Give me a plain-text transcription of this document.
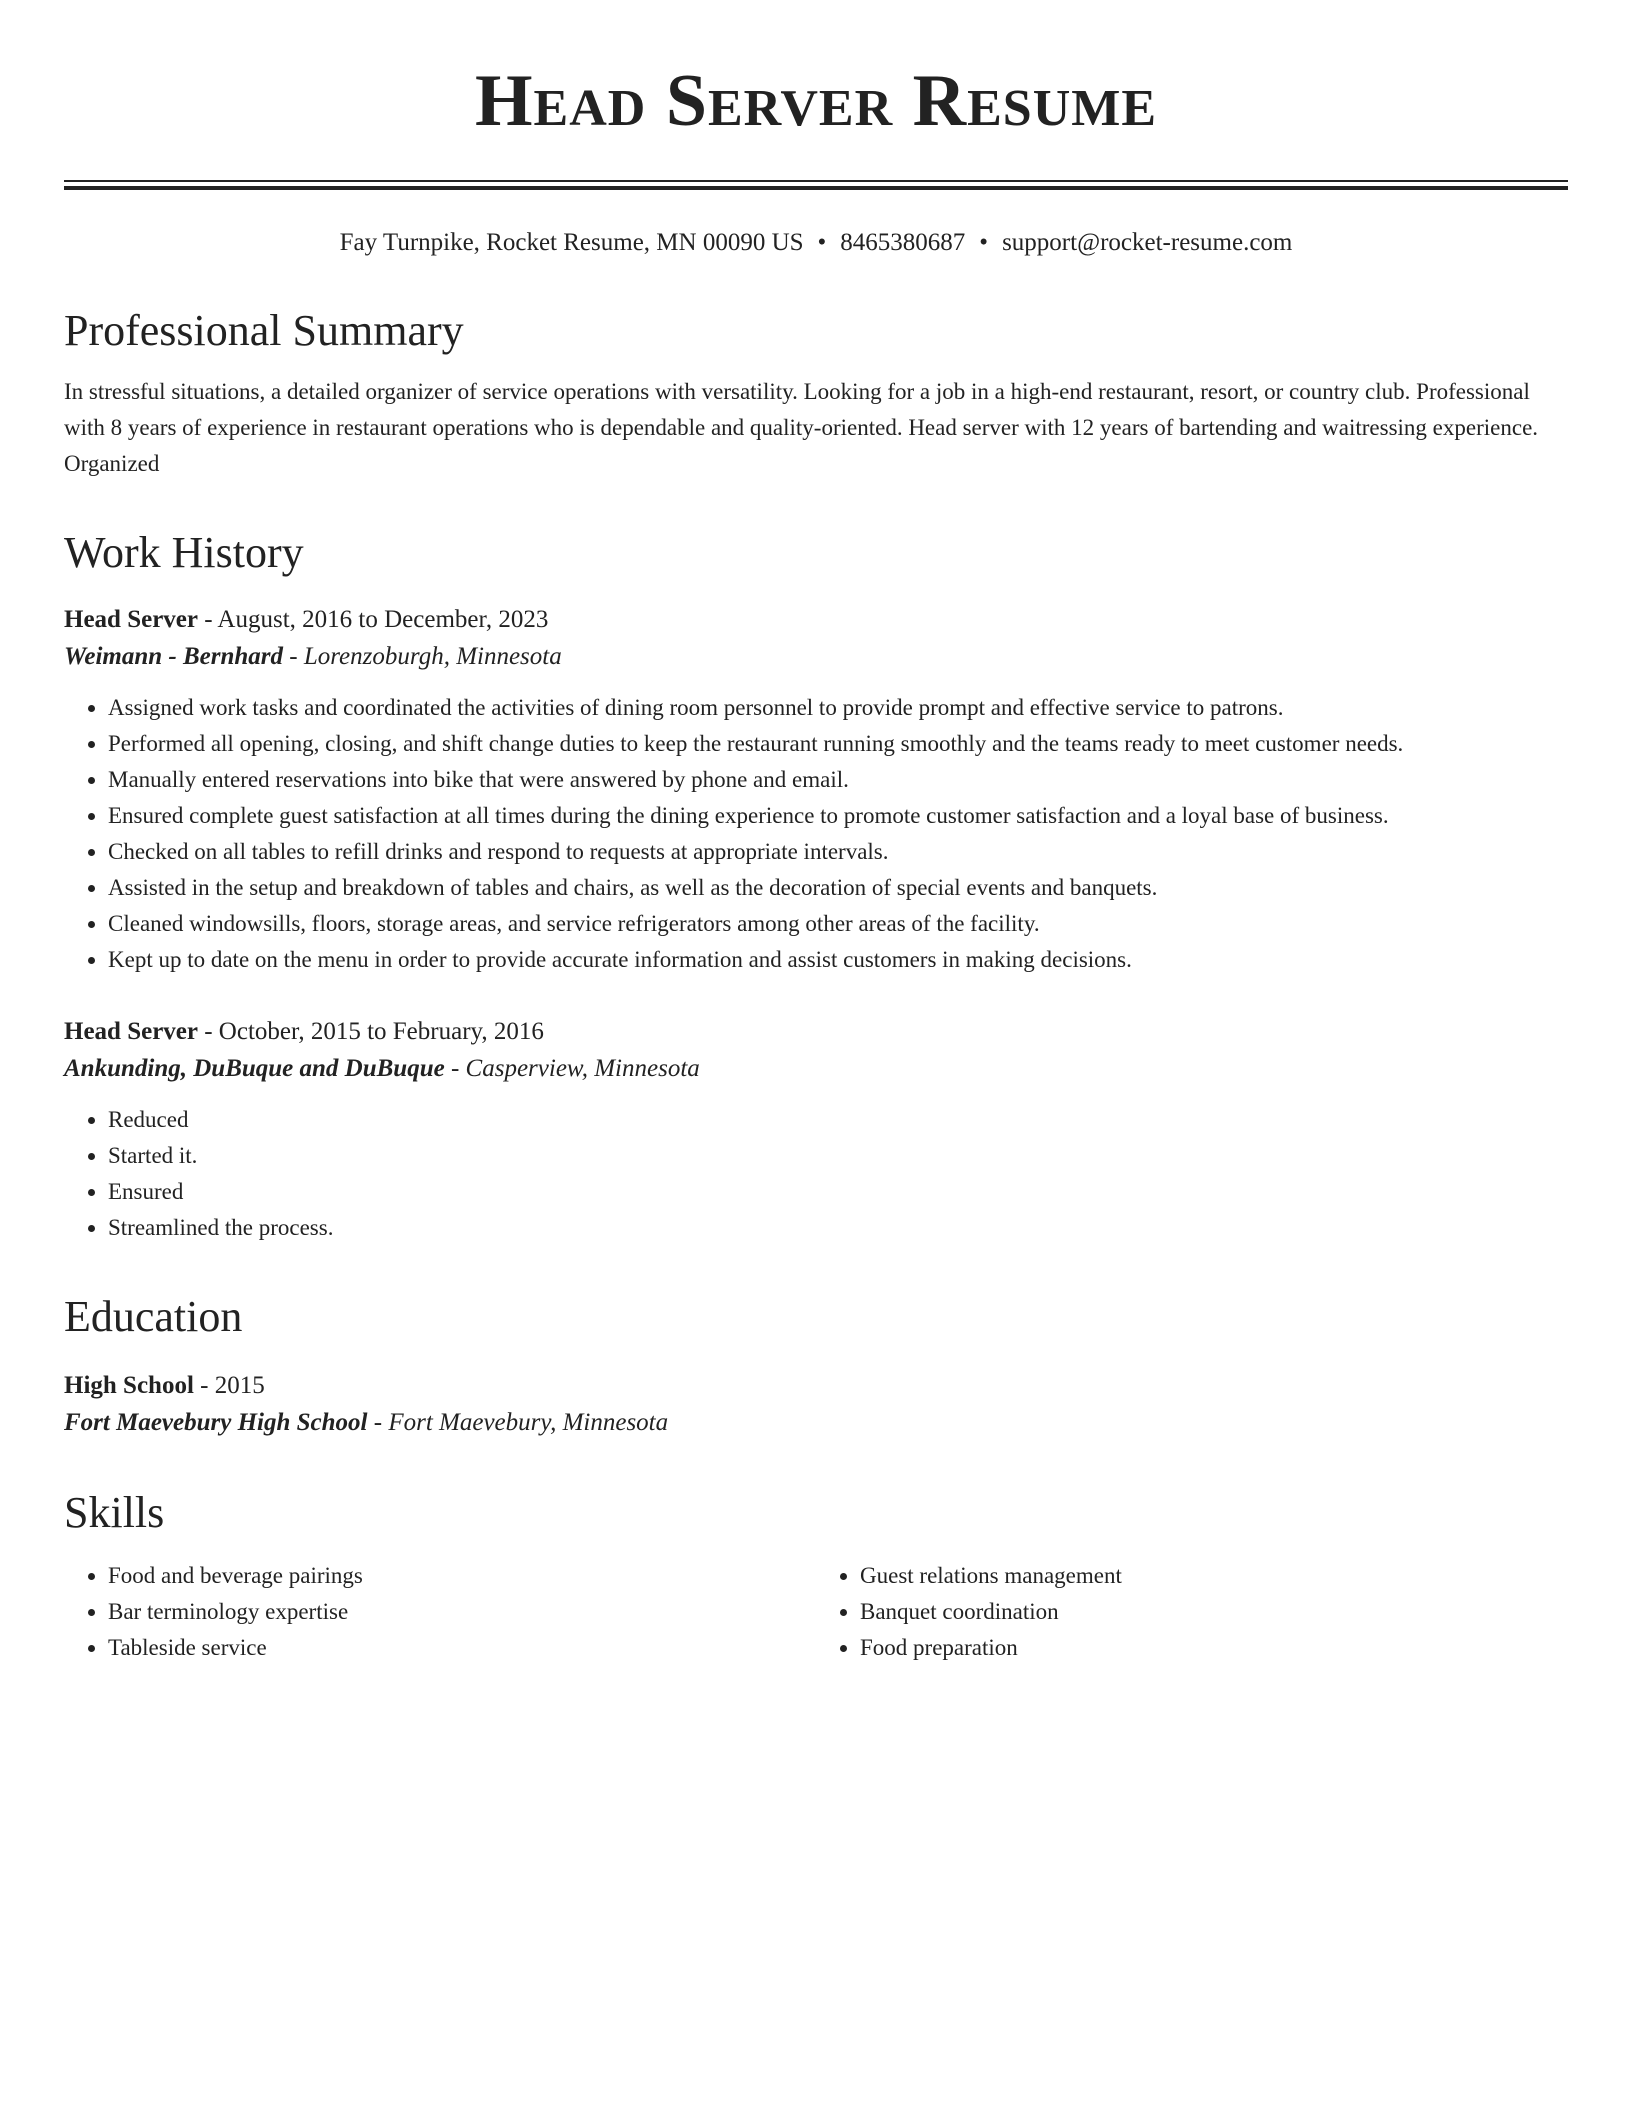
Head Server Resume
Fay Turnpike, Rocket Resume, MN 00090 US • 8465380687 • support@rocket-resume.com
Professional Summary
In stressful situations, a detailed organizer of service operations with versatility. Looking for a job in a high-end restaurant, resort, or country club. Professional with 8 years of experience in restaurant operations who is dependable and quality-oriented. Head server with 12 years of bartending and waitressing experience. Organized
Work History
Head Server - August, 2016 to December, 2023
Weimann - Bernhard - Lorenzoburgh, Minnesota
• Assigned work tasks and coordinated the activities of dining room personnel to provide prompt and effective service to patrons.
• Performed all opening, closing, and shift change duties to keep the restaurant running smoothly and the teams ready to meet customer needs.
• Manually entered reservations into bike that were answered by phone and email.
• Ensured complete guest satisfaction at all times during the dining experience to promote customer satisfaction and a loyal base of business.
• Checked on all tables to refill drinks and respond to requests at appropriate intervals.
• Assisted in the setup and breakdown of tables and chairs, as well as the decoration of special events and banquets.
• Cleaned windowsills, floors, storage areas, and service refrigerators among other areas of the facility.
• Kept up to date on the menu in order to provide accurate information and assist customers in making decisions.
Head Server - October, 2015 to February, 2016
Ankunding, DuBuque and DuBuque - Casperview, Minnesota
• Reduced
• Started it.
• Ensured
• Streamlined the process.
Education
High School - 2015
Fort Maevebury High School - Fort Maevebury, Minnesota
Skills
• Food and beverage pairings
• Bar terminology expertise
• Tableside service
• Guest relations management
• Banquet coordination
• Food preparation
